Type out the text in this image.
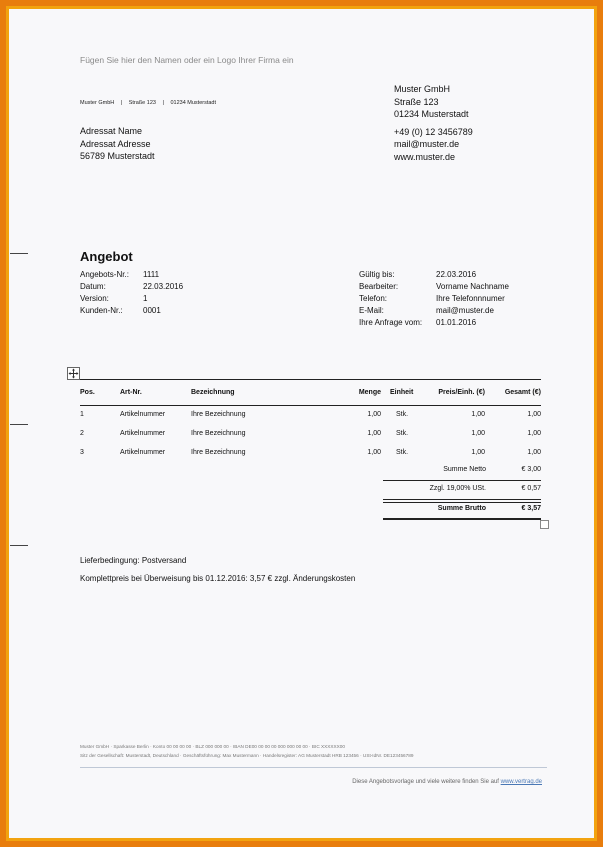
Fügen Sie hier den Namen oder ein Logo Ihrer Firma ein
Muster GmbH | Straße 123 | 01234 Musterstadt
Muster GmbH
Straße 123
01234 Musterstadt
+49 (0) 12 3456789
mail@muster.de
www.muster.de
Adressat Name
Adressat Adresse
56789 Musterstadt
Angebot
Angebots-Nr.: 1111
Datum:	22.03.2016
Version:	1
Kunden-Nr.:	0001
Gültig bis:	22.03.2016
Bearbeiter:	Vorname Nachname
Telefon:	Ihre Telefonnnumer
E-Mail:	mail@muster.de
Ihre Anfrage vom: 01.01.2016
Pos.	Art-Nr.	Bezeichnung	Menge Einheit	Preis/Einh. (€)	Gesamt (€)
1	Artikelnummer	Ihre Bezeichnung	1,00 Stk.	1,00	1,00
2	Artikelnummer	Ihre Bezeichnung	1,00 Stk.	1,00	1,00
3	Artikelnummer	Ihre Bezeichnung	1,00 Stk.	1,00	1,00
Summe Netto	€ 3,00
Zzgl. 19,00% USt.	€ 0,57
Summe Brutto	€ 3,57
Lieferbedingung: Postversand
Komplettpreis bei Überweisung bis 01.12.2016: 3,57 € zzgl. Änderungskosten
Muster GmbH · Sparkasse Berlin · Konto 00 00 00 00 · BLZ 000 000 00 · IBAN DE00 00 00 00 000 000 00 00 · BIC XXXXXX00
Sitz der Gesellschaft: Musterstadt, Deutschland · Geschäftsführung: Max Mustermann · Handelsregister: AG Musterstadt HRB 123456 · USt-IdNr. DE123456789
Diese Angebotsvorlage und viele weitere finden Sie auf www.vertrag.de
